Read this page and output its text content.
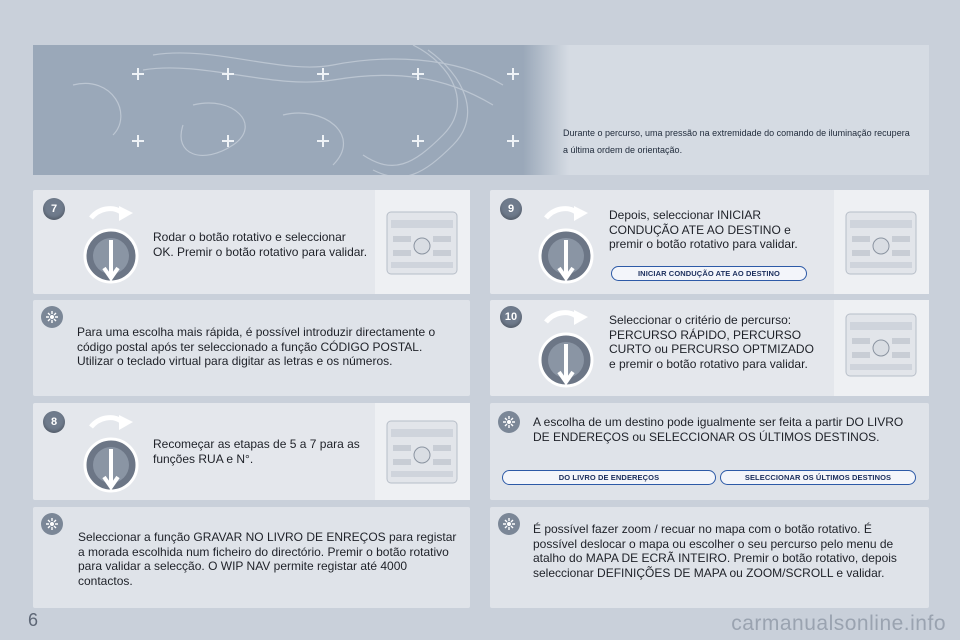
Durante o percurso, uma pressão na extremidade do comando de iluminação recupera a última ordem de orientação.
7
Rodar o botão rotativo e seleccionar OK. Premir o botão rotativo para validar.
Para uma escolha mais rápida, é possível introduzir directamente o código postal após ter seleccionado a função CÓDIGO POSTAL. Utilizar o teclado virtual para digitar as letras e os números.
8
Recomeçar as etapas de 5 a 7 para as funções RUA e N°.
Seleccionar a função GRAVAR NO LIVRO DE ENREÇOS para registar a morada escolhida num ficheiro do directório. Premir o botão rotativo para validar a selecção. O WIP NAV permite registar até 4000 contactos.
9	Depois, seleccionar INICIAR CONDUÇÃO ATE AO DESTINO e premir o botão rotativo para validar.
INICIAR CONDUÇÃO ATE AO DESTINO
10	Seleccionar o critério de percurso: PERCURSO RÁPIDO, PERCURSO CURTO ou PERCURSO OPTMIZADO e premir o botão rotativo para validar.
A escolha de um destino pode igualmente ser feita a partir DO LIVRO DE ENDEREÇOS ou SELECCIONAR OS ÚLTIMOS DESTINOS.
DO LIVRO DE ENDEREÇOS	SELECCIONAR OS ÚLTIMOS DESTINOS
É possível fazer zoom / recuar no mapa com o botão rotativo. É possível deslocar o mapa ou escolher o seu percurso pelo menu de atalho do MAPA DE ECRÃ INTEIRO. Premir o botão rotativo, depois seleccionar DEFINIÇÕES DE MAPA ou ZOOM/SCROLL e validar.
6	carmanualsonline.info
